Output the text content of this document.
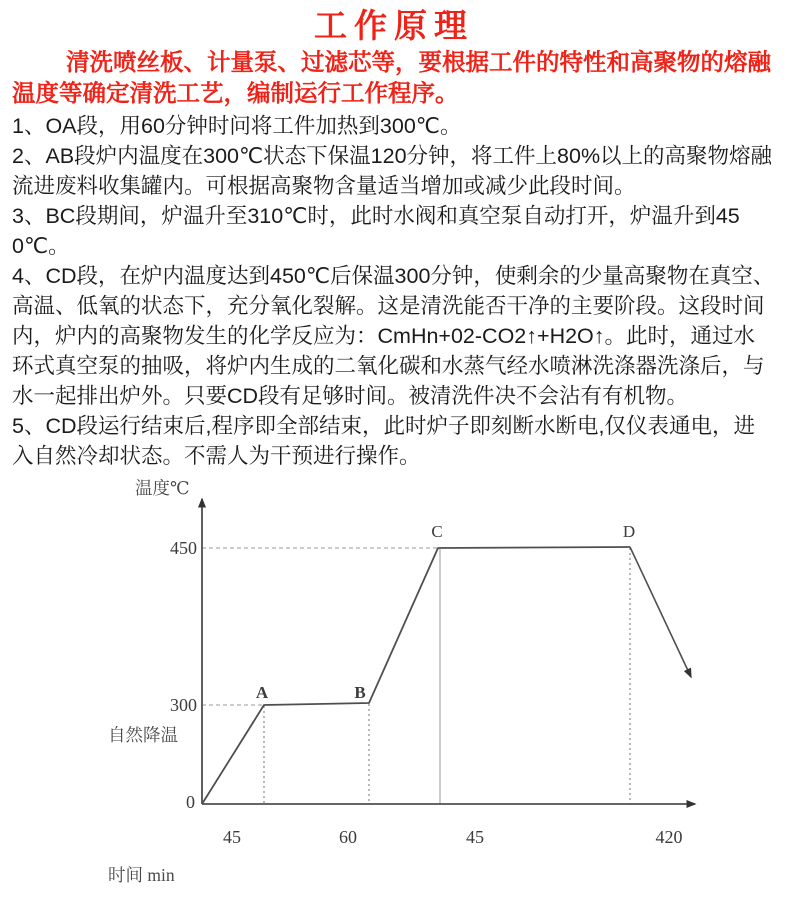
工作原理

清洗喷丝板、计量泵、过滤芯等，要根据工件的特性和高聚物的熔融温度等确定清洗工艺，编制运行工作程序。

1、OA段，用60分钟时问将工件加热到300℃。

2、AB段炉内温度在300℃状态下保温120分钟，将工件上80%以上的高聚物熔融流进废料收集罐内。可根据高聚物含量适当增加或减少此段时间。

3、BC段期间，炉温升至310℃时，此时水阀和真空泵自动打开，炉温升到450℃。

4、CD段，在炉内温度达到450℃后保温300分钟，使剩余的少量高聚物在真空、高温、低氧的状态下，充分氧化裂解。这是清洗能否干净的主要阶段。这段时间内，炉内的高聚物发生的化学反应为：CmHn+02-CO2↑+H2O↑。此时，通过水环式真空泵的抽吸，将炉内生成的二氧化碳和水蒸气经水喷淋洗涤器洗涤后，与水一起排出炉外。只要CD段有足够时间。被清洗件决不会沾有有机物。

5、CD段运行结束后,程序即全部结束，此时炉子即刻断水断电,仅仪表通电，进入自然冷却状态。不需人为干预进行操作。

450
300
0
A	B
C	D
45	60	45	420
温度℃
自然降温
时间 min
